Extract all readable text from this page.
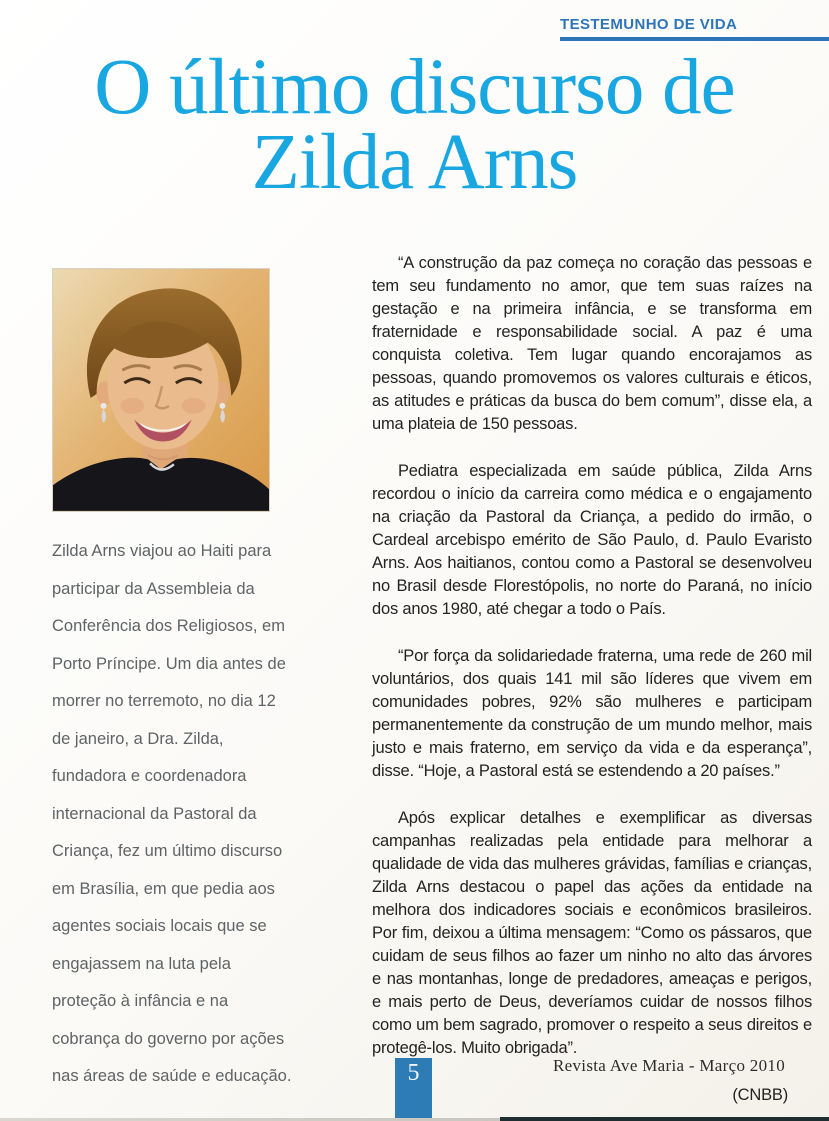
TESTEMUNHO DE VIDA
O último discurso de
Zilda Arns
Zilda Arns viajou ao Haiti para participar da Assembleia da Conferência dos Religiosos, em Porto Príncipe. Um dia antes de morrer no terremoto, no dia 12 de janeiro, a Dra. Zilda, fundadora e coordenadora internacional da Pastoral da Criança, fez um último discurso em Brasília, em que pedia aos agentes sociais locais que se engajassem na luta pela proteção à infância e na cobrança do governo por ações nas áreas de saúde e educação.

“A construção da paz começa no coração das pessoas e tem seu fundamento no amor, que tem suas raízes na gestação e na primeira infância, e se transforma em fraternidade e responsabilidade social. A paz é uma conquista coletiva. Tem lugar quando encorajamos as pessoas, quando promovemos os valores culturais e éticos, as atitudes e práticas da busca do bem comum”, disse ela, a uma plateia de 150 pessoas.

Pediatra especializada em saúde pública, Zilda Arns recordou o início da carreira como médica e o engajamento na criação da Pastoral da Criança, a pedido do irmão, o Cardeal arcebispo emérito de São Paulo, d. Paulo Evaristo Arns. Aos haitianos, contou como a Pastoral se desenvolveu no Brasil desde Florestópolis, no norte do Paraná, no início dos anos 1980, até chegar a todo o País.

“Por força da solidariedade fraterna, uma rede de 260 mil voluntários, dos quais 141 mil são líderes que vivem em comunidades pobres, 92% são mulheres e participam permanentemente da construção de um mundo melhor, mais justo e mais fraterno, em serviço da vida e da esperança”, disse. “Hoje, a Pastoral está se estendendo a 20 países.”

Após explicar detalhes e exemplificar as diversas campanhas realizadas pela entidade para melhorar a qualidade de vida das mulheres grávidas, famílias e crianças, Zilda Arns destacou o papel das ações da entidade na melhora dos indicadores sociais e econômicos brasileiros. Por fim, deixou a última mensagem: “Como os pássaros, que cuidam de seus filhos ao fazer um ninho no alto das árvores e nas montanhas, longe de predadores, ameaças e perigos, e mais perto de Deus, deveríamos cuidar de nossos filhos como um bem sagrado, promover o respeito a seus direitos e protegê-los. Muito obrigada”.

(CNBB)
5	Revista Ave Maria - Março 2010
